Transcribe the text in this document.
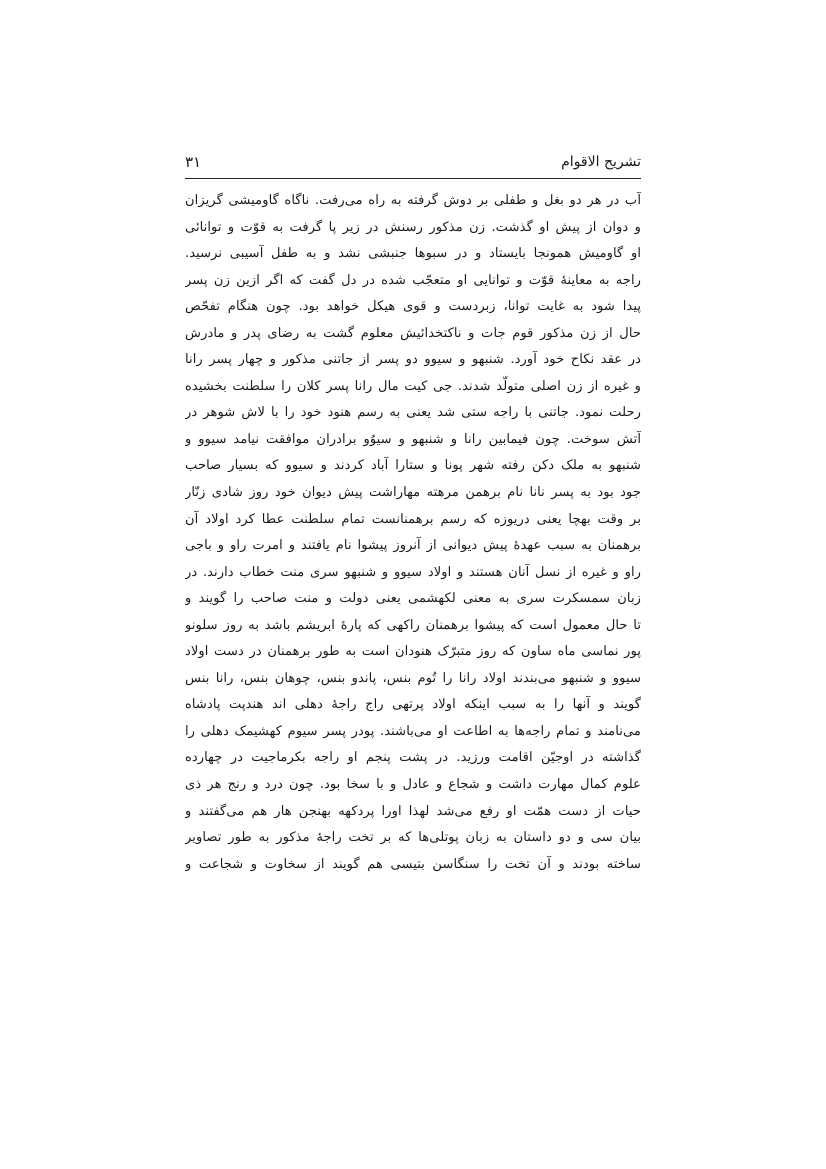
تشریح الاقوام
۳۱
آب در هر دو بغل و طفلی بر دوش گرفته به راه می‌رفت. ناگاه گاومیشی گریزان
و دوان از پیش او گذشت. زن مذکور رسنش در زیر پا گرفت به قوّت و توانائی
او گاومیش همونجا بایستاد و در سبوها جنبشی نشد و به طفل آسیبی نرسید.
راجه به معاینهٔ قوّت و توانایی او متعجّب شده در دل گفت که اگر ازین زن پسر
پیدا شود به غایت توانا، زبردست و قوی هیکل خواهد بود. چون هنگام تفحّص
حال از زن مذکور قوم جات و ناکتخدائیش معلوم گشت به رضای پدر و مادرش
در عقد نکاح خود آورد. شنبهو و سیوو دو پسر از جاتنی مذکور و چهار پسر رانا
و غیره از زن اصلی متولّد شدند. جی کیت مال رانا پسر کلان را سلطنت بخشیده
رحلت نمود. جاتنی با راجه ستی شد یعنی به رسم هنود خود را با لاش شوهر در
آتش سوخت. چون فیمابین رانا و شنبهو و سیوُو برادران موافقت نیامد سیوو و
شنبهو به ملک دکن رفته شهر پونا و ستارا آباد کردند و سیوو که بسیار صاحب
جود بود به پسر نانا نام برهمن مرهته مهاراشت پیش دیوان خود روز شادی زنّار
بر وقت بهچا یعنی دریوزه که رسم برهمنانست تمام سلطنت عطا کرد اولاد آن
برهمنان به سبب عهدهٔ پیش دیوانی از آنروز پیشوا نام یافتند و امرت راو و باجی
راو و غیره از نسل آنان هستند و اولاد سیوو و شنبهو سری منت خطاب دارند. در
زبان سمسکرت سری به معنی لکهشمی یعنی دولت و منت صاحب را گویند و
تا حال معمول است که پیشوا برهمنان راکهی که پارهٔ ابریشم باشد به روز سلونو
پور نماسی ماه ساون که روز متبرّک هنودان است به طور برهمنان در دست اولاد
سیوو و شنبهو می‌بندند اولاد رانا را تُوم بنس، پاندو بنس، چوهان بنس، رانا بنس
گویند و آنها را به سبب اینکه اولاد پرتهی راج راجهٔ دهلی اند هندپت پادشاه
می‌نامند و تمام راجه‌ها به اطاعت او می‌باشند. پودر پسر سیوم کهشیمک دهلی را
گذاشته در اوجیّن اقامت ورزید. در پشت پنجم او راجه بکرماجیت در چهارده
علوم کمال مهارت داشت و شجاع و عادل و با سخا بود. چون درد و رنج هر ذی
حیات از دست همّت او رفع می‌شد لهذا اورا پردکهه بهنجن هار هم می‌گفتند و
بیان سی و دو داستان به زبان پوتلی‌ها که بر تخت راجهٔ مذکور به طور تصاویر
ساخته بودند و آن تخت را سنگاسن بتیسی هم گویند از سخاوت و شجاعت و
